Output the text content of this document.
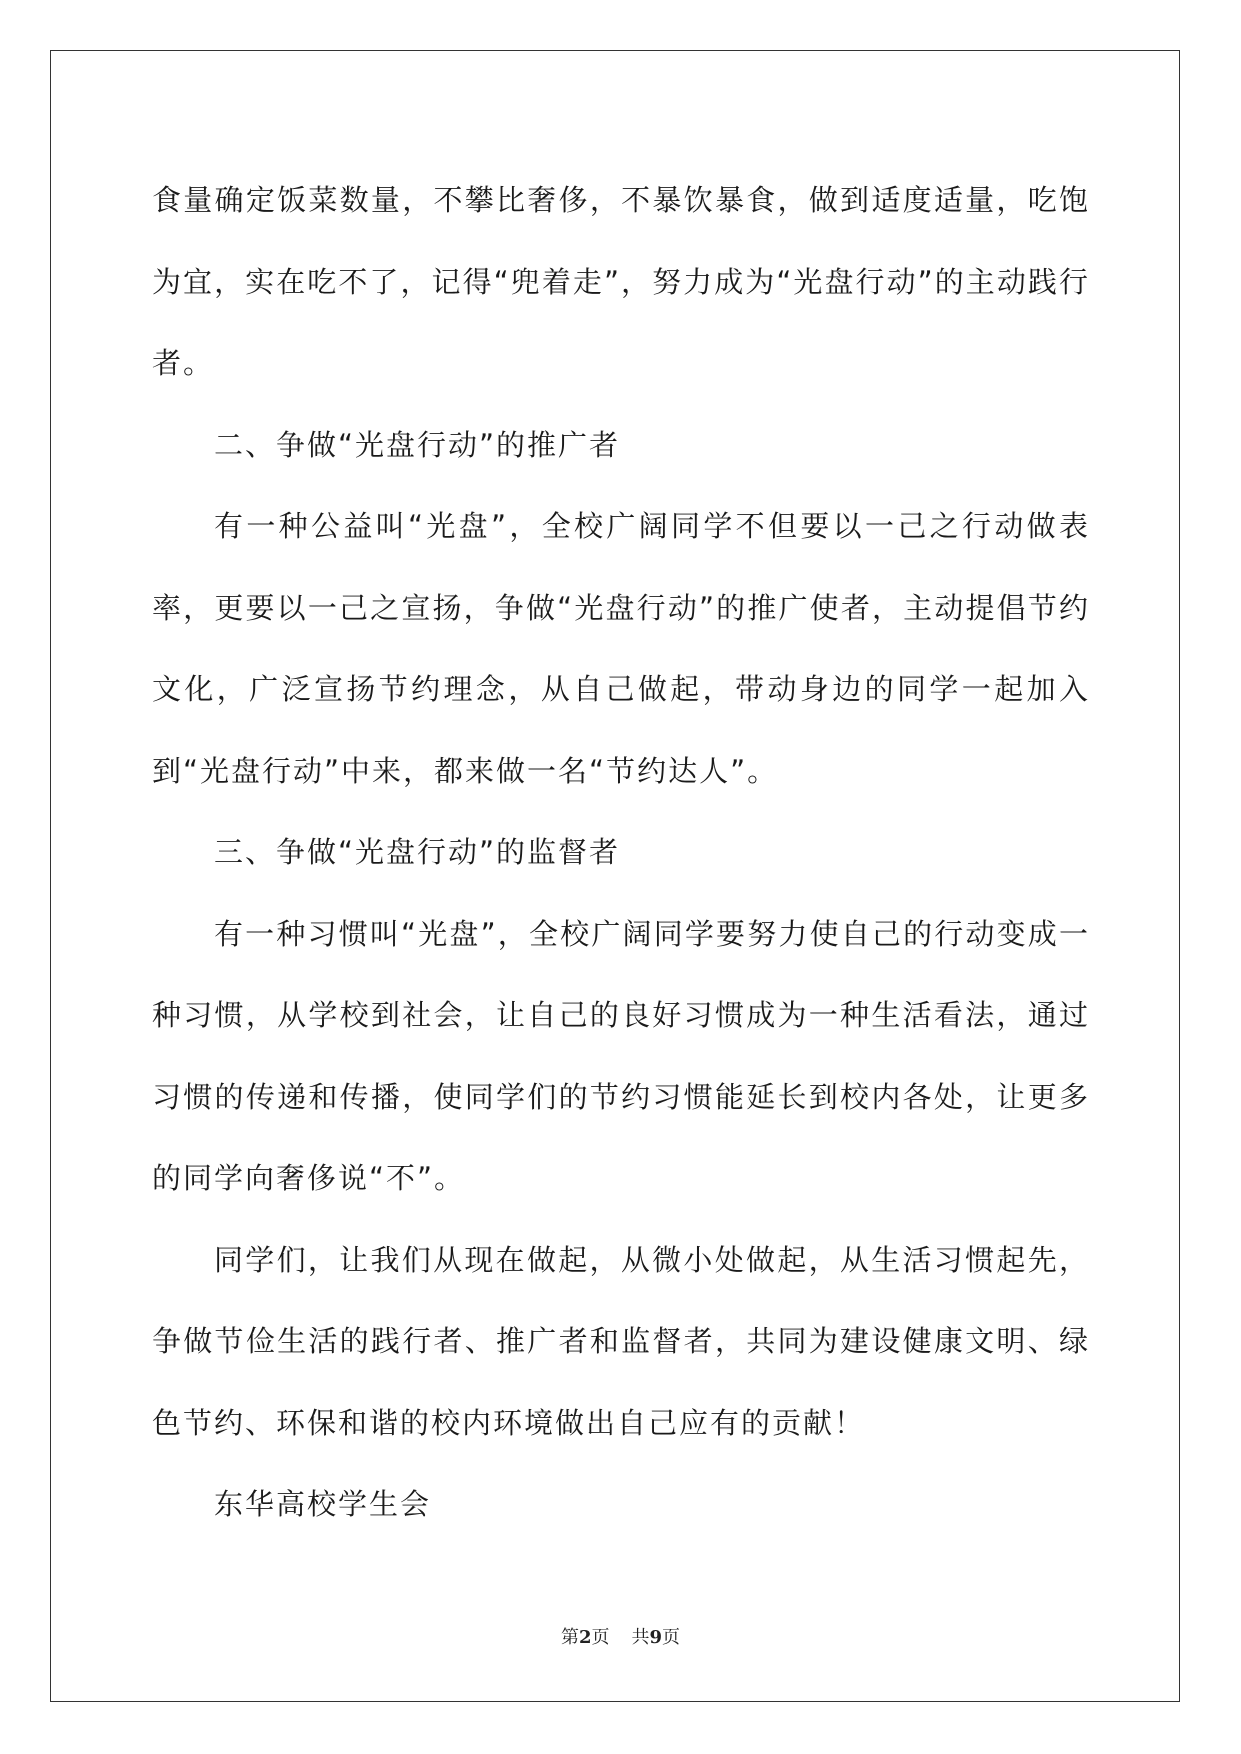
食量确定饭菜数量，不攀比奢侈，不暴饮暴食，做到适度适量，吃饱为宜，实在吃不了，记得“兜着走”，努力成为“光盘行动”的主动践行者。

二、争做“光盘行动”的推广者

有一种公益叫“光盘”，全校广阔同学不但要以一己之行动做表率，更要以一己之宣扬，争做“光盘行动”的推广使者，主动提倡节约文化，广泛宣扬节约理念，从自己做起，带动身边的同学一起加入到“光盘行动”中来，都来做一名“节约达人”。

三、争做“光盘行动”的监督者

有一种习惯叫“光盘”，全校广阔同学要努力使自己的行动变成一种习惯，从学校到社会，让自己的良好习惯成为一种生活看法，通过习惯的传递和传播，使同学们的节约习惯能延长到校内各处，让更多的同学向奢侈说“不”。

同学们，让我们从现在做起，从微小处做起，从生活习惯起先，争做节俭生活的践行者、推广者和监督者，共同为建设健康文明、绿色节约、环保和谐的校内环境做出自己应有的贡献！

东华高校学生会

第2页 共9页
